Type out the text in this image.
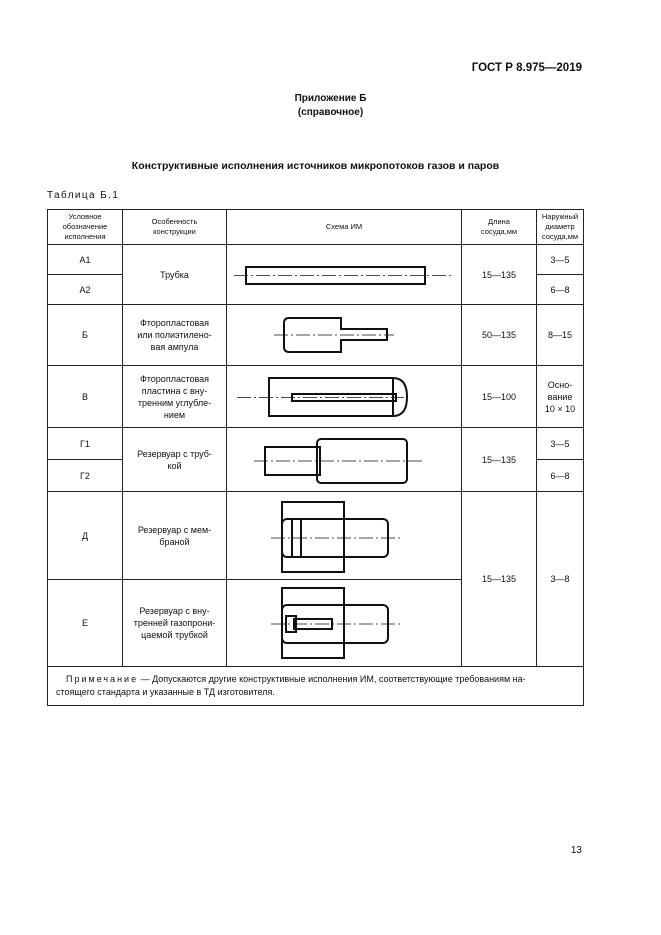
ГОСТ Р 8.975—2019
Приложение Б
(справочное)
Конструктивные исполнения источников микропотоков газов и паров
Таблица Б.1
Условное
обозначение
исполнения	Особенность
конструкции	Схема ИМ	Длина
сосуда,мм	Наружный
диаметр
сосуда,мм

А1	Трубка		15—135	3—5
А2				6—8
Б	Фторопластовая
или полиэтилено-
вая ампула		50—135	8—15
В	Фторопластовая
пластина с вну-
тренним углубле-
нием		15—100	Осно-
вание
10 × 10

Г1	Резервуар с труб-
кой		15—135	3—5
Г2				6—8
Д	Резервуар с мем-
браной		15—135	3—8
Е	Резервуар с вну-
тренней газопрони-
цаемой трубкой

Примечание — Допускаются другие конструктивные исполнения ИМ, соответствующие требованиям на-
стоящего стандарта и указанные в ТД изготовителя.				
13
